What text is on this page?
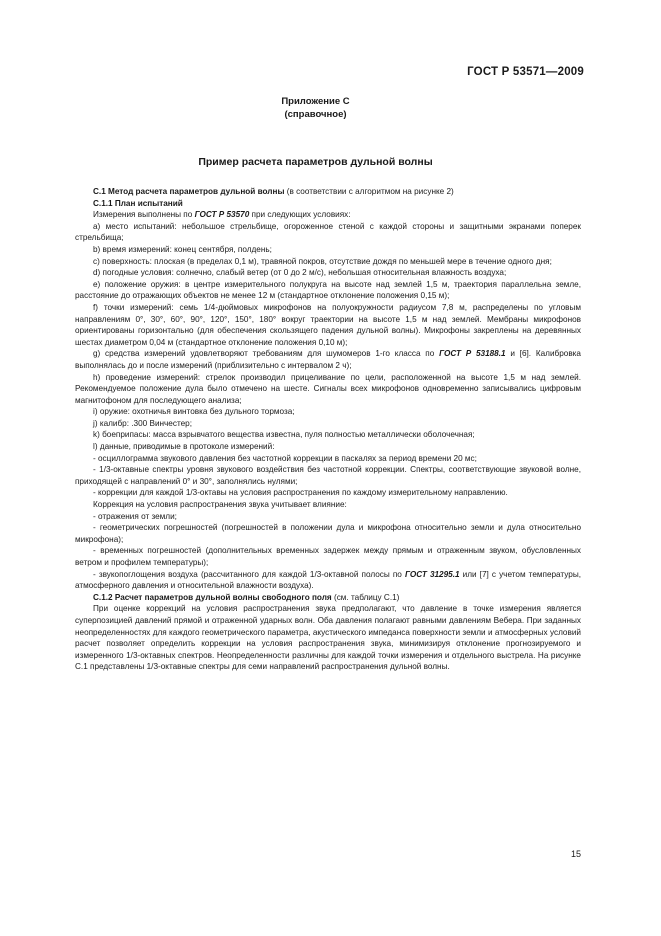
ГОСТ Р 53571—2009
Приложение С
(справочное)
Пример расчета параметров дульной волны

С.1 Метод расчета параметров дульной волны (в соответствии с алгоритмом на рисунке 2)

С.1.1 План испытаний

Измерения выполнены по ГОСТ Р 53570 при следующих условиях:

a) место испытаний: небольшое стрельбище, огороженное стеной с каждой стороны и защитными экранами поперек стрельбища;

b) время измерений: конец сентября, полдень;

c) поверхность: плоская (в пределах 0,1 м), травяной покров, отсутствие дождя по меньшей мере в течение одного дня;

d) погодные условия: солнечно, слабый ветер (от 0 до 2 м/с), небольшая относительная влажность воздуха;

e) положение оружия: в центре измерительного полукруга на высоте над землей 1,5 м, траектория параллельна земле, расстояние до отражающих объектов не менее 12 м (стандартное отклонение положения 0,15 м);

f) точки измерений: семь 1/4-дюймовых микрофонов на полуокружности радиусом 7,8 м, распределены по угловым направлениям 0°, 30°, 60°, 90°, 120°, 150°, 180° вокруг траектории на высоте 1,5 м над землей. Мембраны микрофонов ориентированы горизонтально (для обеспечения скользящего падения дульной волны). Микрофоны закреплены на деревянных шестах диаметром 0,04 м (стандартное отклонение положения 0,10 м);

g) средства измерений удовлетворяют требованиям для шумомеров 1-го класса по ГОСТ Р 53188.1 и [6]. Калибровка выполнялась до и после измерений (приблизительно с интервалом 2 ч);

h) проведение измерений: стрелок производил прицеливание по цели, расположенной на высоте 1,5 м над землей. Рекомендуемое положение дула было отмечено на шесте. Сигналы всех микрофонов одновременно записывались цифровым магнитофоном для последующего анализа;

i) оружие: охотничья винтовка без дульного тормоза;

j) калибр: .300 Винчестер;

k) боеприпасы: масса взрывчатого вещества известна, пуля полностью металлически оболочечная;

l) данные, приводимые в протоколе измерений:

- осциллограмма звукового давления без частотной коррекции в паскалях за период времени 20 мс;

- 1/3-октавные спектры уровня звукового воздействия без частотной коррекции. Спектры, соответствующие звуковой волне, приходящей с направлений 0° и 30°, заполнялись нулями;

- коррекции для каждой 1/3-октавы на условия распространения по каждому измерительному направлению.

Коррекция на условия распространения звука учитывает влияние:

- отражения от земли;

- геометрических погрешностей (погрешностей в положении дула и микрофона относительно земли и дула относительно микрофона);

- временных погрешностей (дополнительных временных задержек между прямым и отраженным звуком, обусловленных ветром и профилем температуры);

- звукопоглощения воздуха (рассчитанного для каждой 1/3-октавной полосы по ГОСТ 31295.1 или [7] с учетом температуры, атмосферного давления и относительной влажности воздуха).

С.1.2 Расчет параметров дульной волны свободного поля (см. таблицу С.1)

При оценке коррекций на условия распространения звука предполагают, что давление в точке измерения является суперпозицией давлений прямой и отраженной ударных волн. Оба давления полагают равными давлениям Вебера. При заданных неопределенностях для каждого геометрического параметра, акустического импеданса поверхности земли и атмосферных условий расчет позволяет определить коррекции на условия распространения звука, минимизируя отклонение прогнозируемого и измеренного 1/3-октавных спектров. Неопределенности различны для каждой точки измерения и отдельного выстрела. На рисунке С.1 представлены 1/3-октавные спектры для семи направлений распространения дульной волны.

15
